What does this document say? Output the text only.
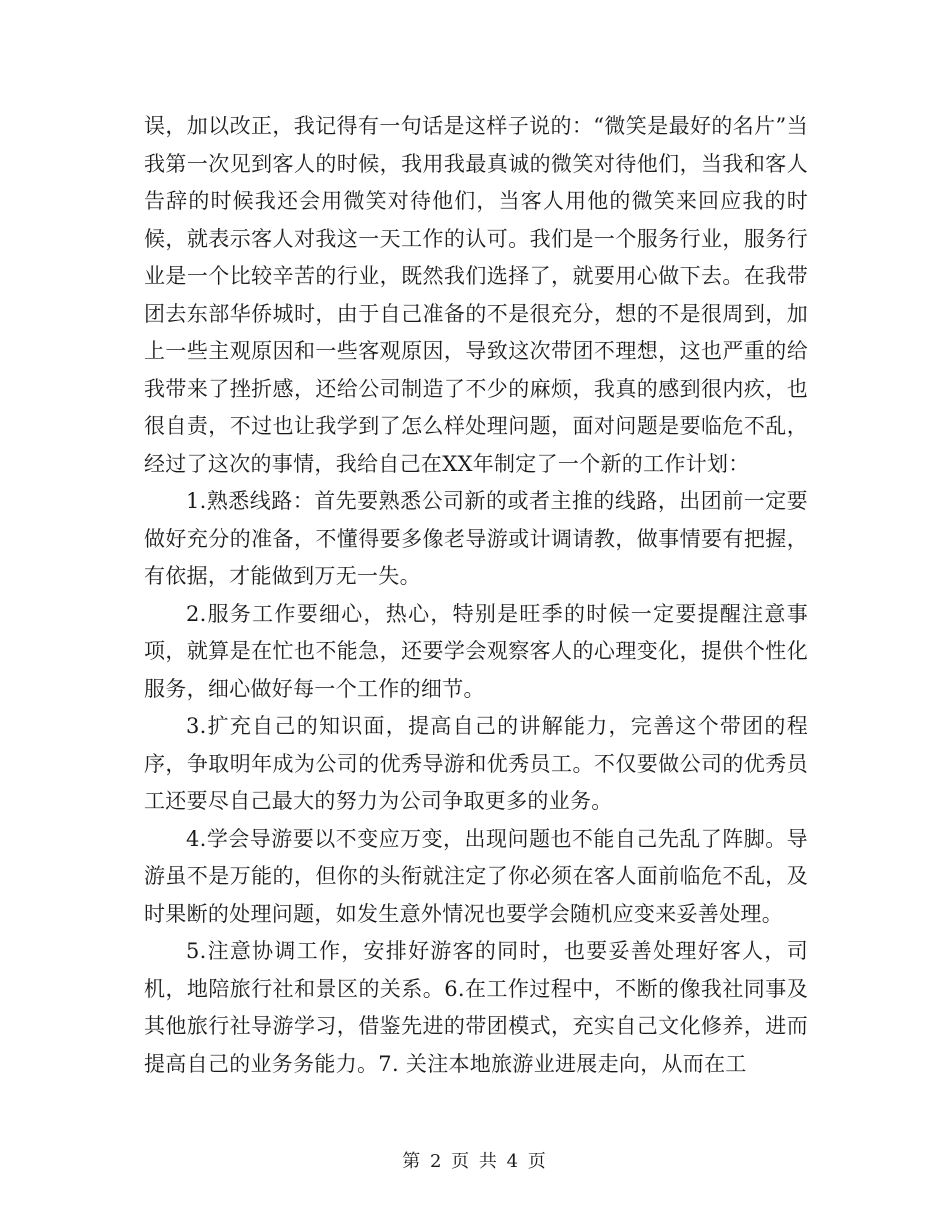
误，加以改正，我记得有一句话是这样子说的：“微笑是最好的名片”当我第一次见到客人的时候，我用我最真诚的微笑对待他们，当我和客人告辞的时候我还会用微笑对待他们，当客人用他的微笑来回应我的时候，就表示客人对我这一天工作的认可。我们是一个服务行业，服务行业是一个比较辛苦的行业，既然我们选择了，就要用心做下去。在我带团去东部华侨城时，由于自己准备的不是很充分，想的不是很周到，加上一些主观原因和一些客观原因，导致这次带团不理想，这也严重的给我带来了挫折感，还给公司制造了不少的麻烦，我真的感到很内疚，也很自责，不过也让我学到了怎么样处理问题，面对问题是要临危不乱，经过了这次的事情，我给自己在XX年制定了一个新的工作计划：

1.熟悉线路：首先要熟悉公司新的或者主推的线路，出团前一定要做好充分的准备，不懂得要多像老导游或计调请教，做事情要有把握，有依据，才能做到万无一失。

2.服务工作要细心，热心，特别是旺季的时候一定要提醒注意事项，就算是在忙也不能急，还要学会观察客人的心理变化，提供个性化服务，细心做好每一个工作的细节。

3.扩充自己的知识面，提高自己的讲解能力，完善这个带团的程序，争取明年成为公司的优秀导游和优秀员工。不仅要做公司的优秀员工还要尽自己最大的努力为公司争取更多的业务。

4.学会导游要以不变应万变，出现问题也不能自己先乱了阵脚。导游虽不是万能的，但你的头衔就注定了你必须在客人面前临危不乱，及时果断的处理问题，如发生意外情况也要学会随机应变来妥善处理。

5.注意协调工作，安排好游客的同时，也要妥善处理好客人，司机，地陪旅行社和景区的关系。6.在工作过程中，不断的像我社同事及其他旅行社导游学习，借鉴先进的带团模式，充实自己文化修养，进而提高自己的业务务能力。7. 关注本地旅游业进展走向，从而在工

第 2 页 共 4 页
